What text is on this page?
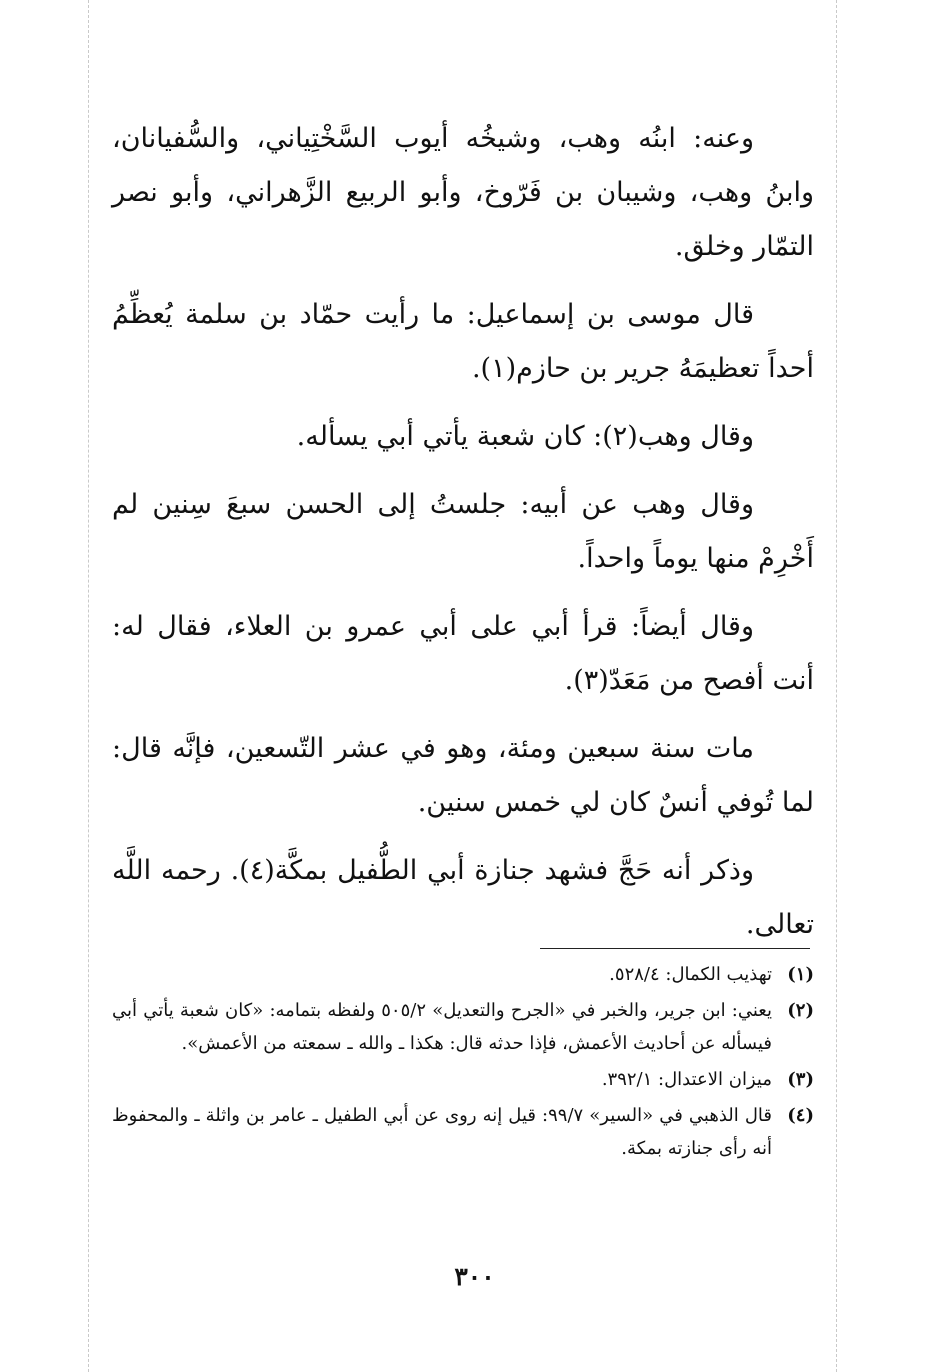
وعنه: ابنُه وهب، وشيخُه أيوب السَّخْتِياني، والسُّفيانان، وابنُ وهب، وشيبان بن فَرّوخ، وأبو الربيع الزَّهراني، وأبو نصر التمّار وخلق.

قال موسى بن إسماعيل: ما رأيت حمّاد بن سلمة يُعظِّمُ أحداً تعظيمَهُ جرير بن حازم(١).

وقال وهب(٢): كان شعبة يأتي أبي يسأله.

وقال وهب عن أبيه: جلستُ إلى الحسن سبعَ سِنين لم أَخْرِمْ منها يوماً واحداً.

وقال أيضاً: قرأ أبي على أبي عمرو بن العلاء، فقال له: أنت أفصح من مَعَدّ(٣).

مات سنة سبعين ومئة، وهو في عشر التّسعين، فإنَّه قال: لما تُوفي أنسٌ كان لي خمس سنين.

وذكر أنه حَجَّ فشهد جنازة أبي الطُّفيل بمكَّة(٤). رحمه اللَّه تعالى.

(١)
تهذيب الكمال: ٥٢٨/٤.
(٢)
يعني: ابن جرير، والخبر في «الجرح والتعديل» ٥٠٥/٢ ولفظه بتمامه: «كان شعبة يأتي أبي فيسأله عن أحاديث الأعمش، فإذا حدثه قال: هكذا ـ والله ـ سمعته من الأعمش».
(٣)
ميزان الاعتدال: ٣٩٢/١.
(٤)
قال الذهبي في «السير» ٩٩/٧: قيل إنه روى عن أبي الطفيل ـ عامر بن واثلة ـ والمحفوظ أنه رأى جنازته بمكة.
٣٠٠
